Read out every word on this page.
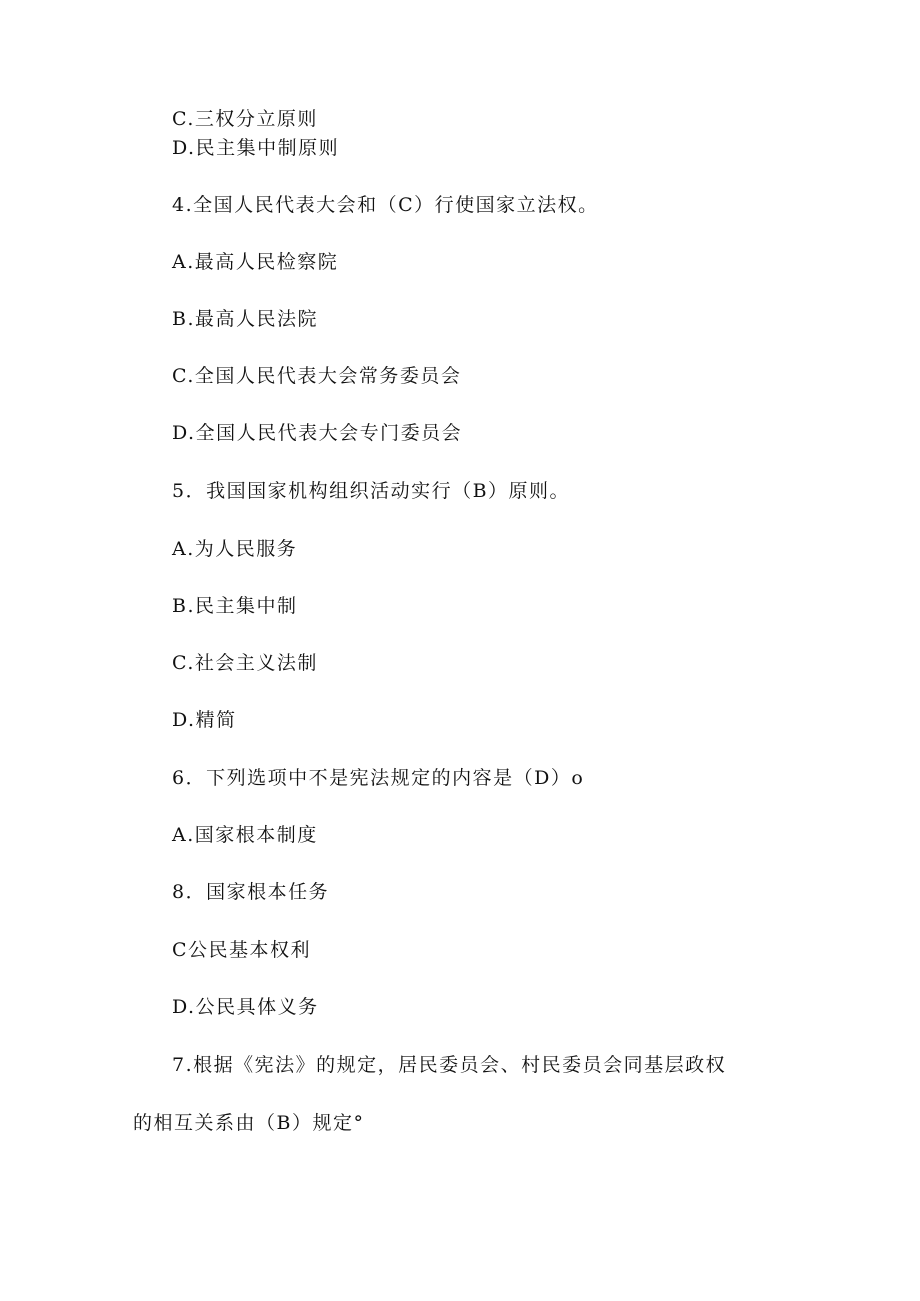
C.三权分立原则
D.民主集中制原则
4.全国人民代表大会和（C）行使国家立法权。
A.最高人民检察院
B.最高人民法院
C.全国人民代表大会常务委员会
D.全国人民代表大会专门委员会
5．我国国家机构组织活动实行（B）原则。
A.为人民服务
B.民主集中制
C.社会主义法制
D.精简
6．下列选项中不是宪法规定的内容是（D）o
A.国家根本制度
8．国家根本任务
C公民基本权利
D.公民具体义务
7.根据《宪法》的规定，居民委员会、村民委员会同基层政权
的相互关系由（B）规定°
